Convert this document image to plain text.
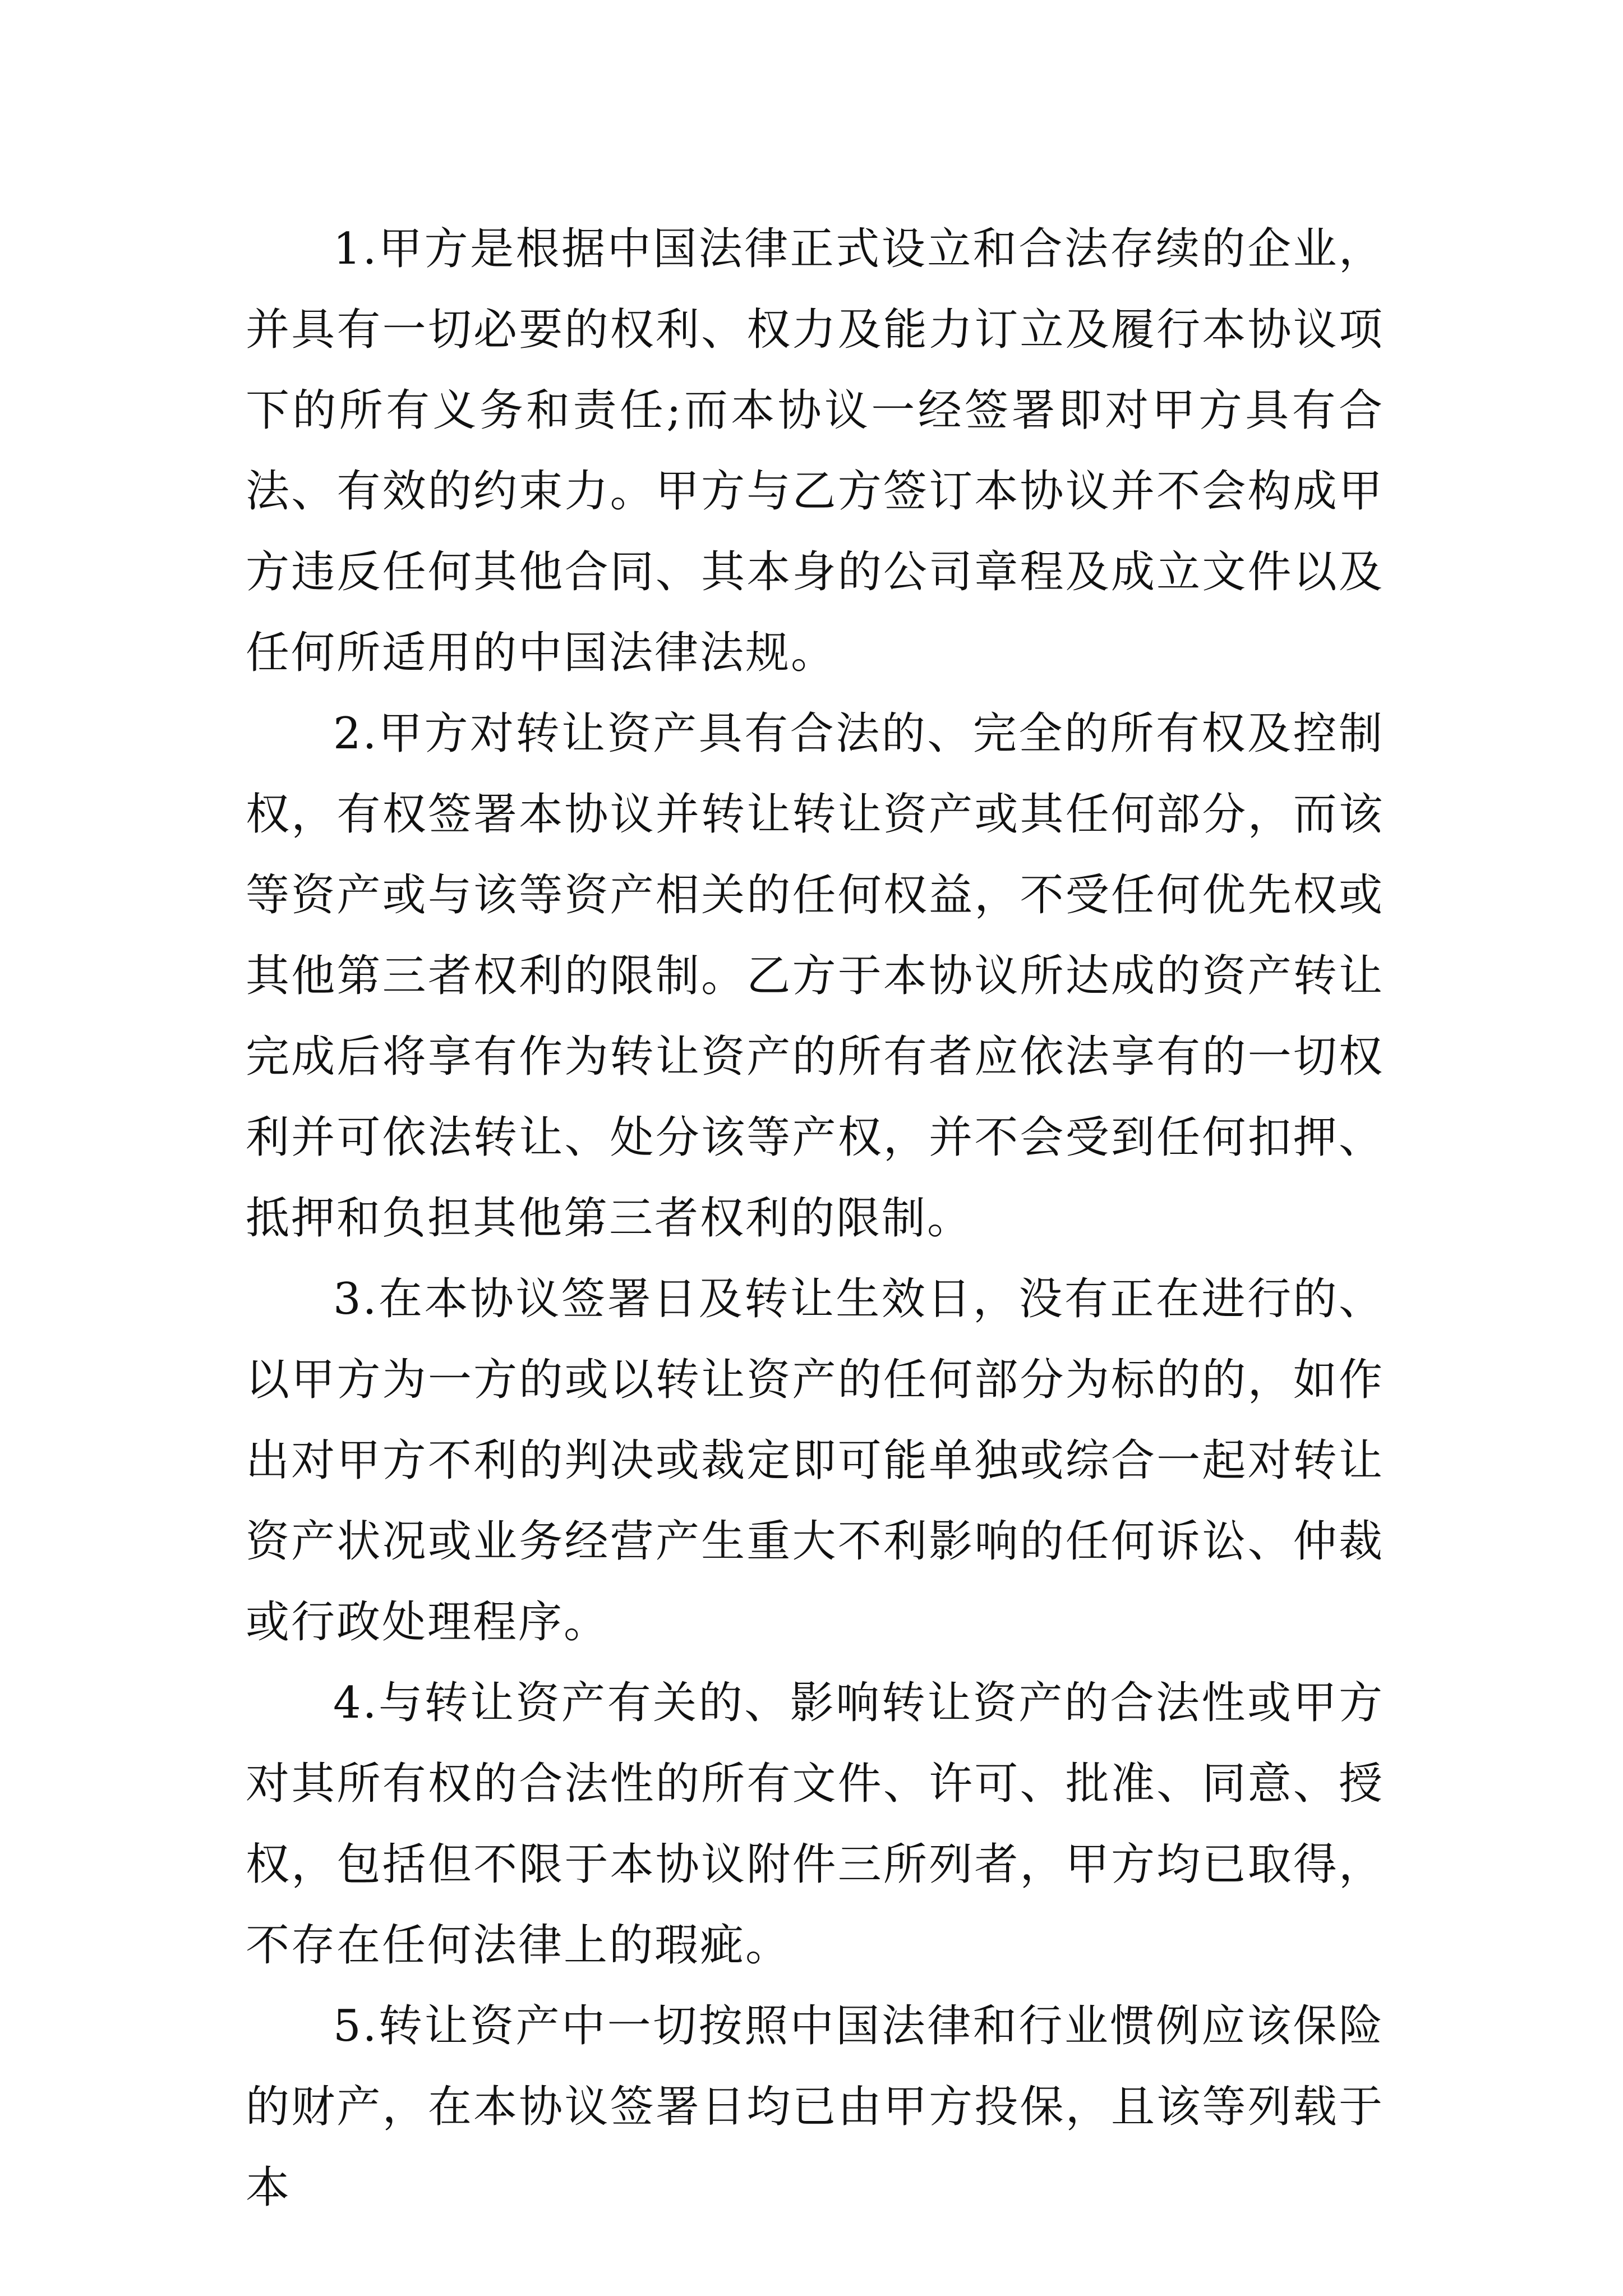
1.甲方是根据中国法律正式设立和合法存续的企业，并具有一切必要的权利、权力及能力订立及履行本协议项下的所有义务和责任;而本协议一经签署即对甲方具有合法、有效的约束力。甲方与乙方签订本协议并不会构成甲方违反任何其他合同、其本身的公司章程及成立文件以及任何所适用的中国法律法规。

2.甲方对转让资产具有合法的、完全的所有权及控制权，有权签署本协议并转让转让资产或其任何部分，而该等资产或与该等资产相关的任何权益，不受任何优先权或其他第三者权利的限制。乙方于本协议所达成的资产转让完成后将享有作为转让资产的所有者应依法享有的一切权利并可依法转让、处分该等产权，并不会受到任何扣押、抵押和负担其他第三者权利的限制。

3.在本协议签署日及转让生效日，没有正在进行的、以甲方为一方的或以转让资产的任何部分为标的的，如作出对甲方不利的判决或裁定即可能单独或综合一起对转让资产状况或业务经营产生重大不利影响的任何诉讼、仲裁或行政处理程序。

4.与转让资产有关的、影响转让资产的合法性或甲方对其所有权的合法性的所有文件、许可、批准、同意、授权，包括但不限于本协议附件三所列者，甲方均已取得，不存在任何法律上的瑕疵。

5.转让资产中一切按照中国法律和行业惯例应该保险的财产，在本协议签署日均已由甲方投保，且该等列载于本
